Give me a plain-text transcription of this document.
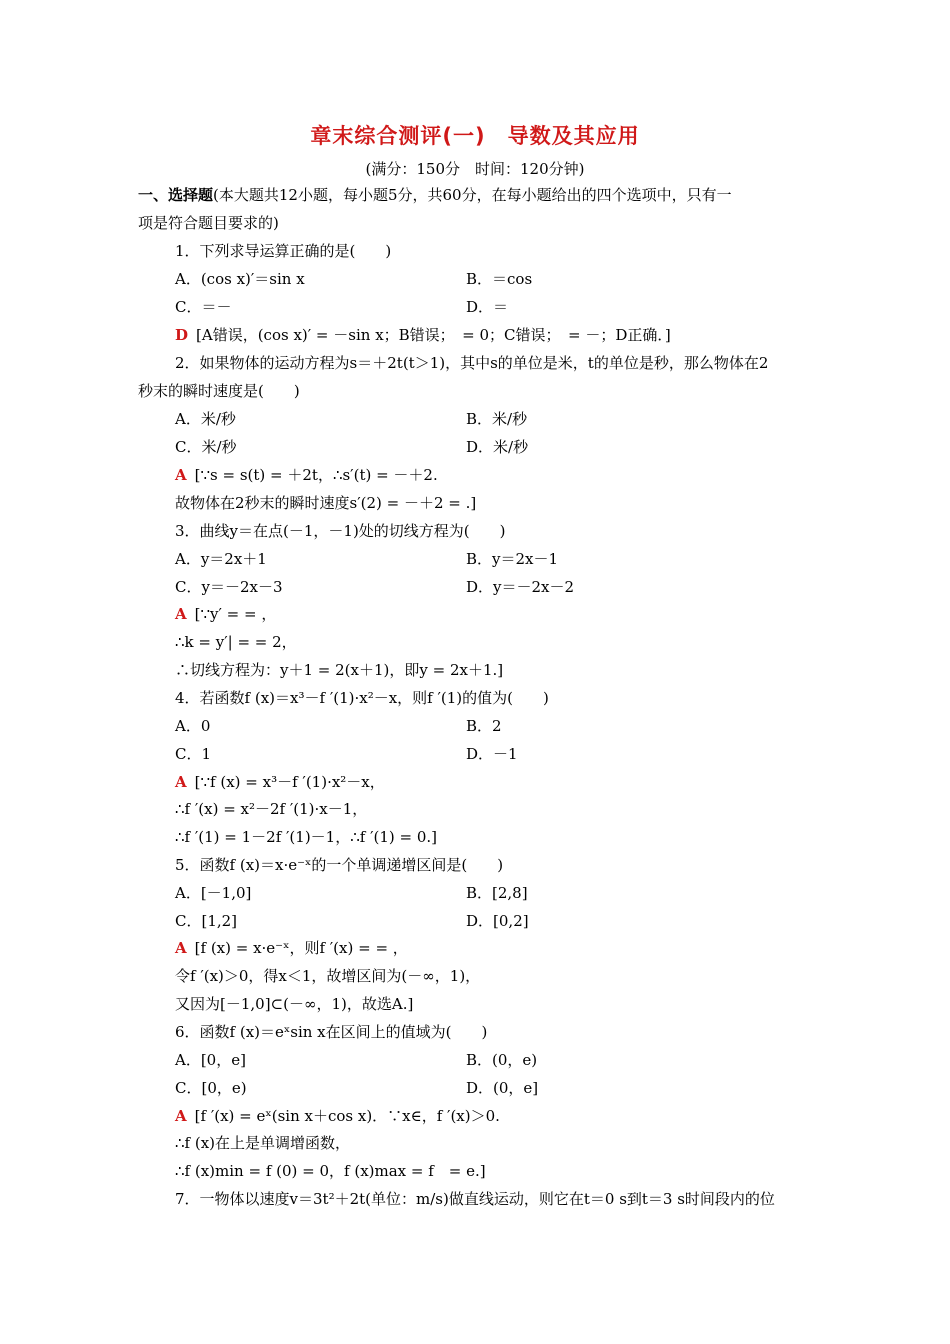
章末综合测评(一)　导数及其应用
(满分：150分　时间：120分钟)
一、选择题(本大题共12小题，每小题5分，共60分，在每小题给出的四个选项中，只有一
项是符合题目要求的)
1．下列求导运算正确的是(　　)
A．(cos x)′＝sin x	B．＝cos
C．＝－	D．＝
D [A错误，(cos x)′ = －sin x；B错误；　= 0；C错误；　= －；D正确．]
2．如果物体的运动方程为s＝＋2t(t＞1)，其中s的单位是米，t的单位是秒，那么物体在2
秒末的瞬时速度是(　　)
A．米/秒	B．米/秒
C．米/秒	D．米/秒
A [∵s = s(t) = ＋2t，∴s′(t) = －＋2.
故物体在2秒末的瞬时速度s′(2) = －＋2 = .]
3．曲线y＝在点(－1，－1)处的切线方程为(　　)
A．y＝2x＋1	B．y＝2x－1
C．y＝－2x－3	D．y＝－2x－2
A [∵y′ = = ，
∴k = y′| = = 2，
∴切线方程为：y＋1 = 2(x＋1)，即y = 2x＋1.]
4．若函数f (x)＝x³－f ′(1)·x²－x，则f ′(1)的值为(　　)
A．0	B．2
C．1	D．－1
A [∵f (x) = x³－f ′(1)·x²－x，
∴f ′(x) = x²－2f ′(1)·x－1，
∴f ′(1) = 1－2f ′(1)－1，∴f ′(1) = 0.]
5．函数f (x)＝x·e⁻ˣ的一个单调递增区间是(　　)
A．[－1,0]	B．[2,8]
C．[1,2]	D．[0,2]
A [f (x) = x·e⁻ˣ，则f ′(x) = = ，
令f ′(x)＞0，得x＜1，故增区间为(－∞，1)，
又因为[－1,0]⊂(－∞，1)，故选A.]
6．函数f (x)＝eˣsin x在区间上的值域为(　　)
A．[0，e]	B．(0，e)
C．[0，e)	D．(0，e]
A [f ′(x) = eˣ(sin x＋cos x)．∵x∈，f ′(x)＞0.
∴f (x)在上是单调增函数，
∴f (x)min = f (0) = 0，f (x)max = f　= e.]
7．一物体以速度v＝3t²＋2t(单位：m/s)做直线运动，则它在t＝0 s到t＝3 s时间段内的位
